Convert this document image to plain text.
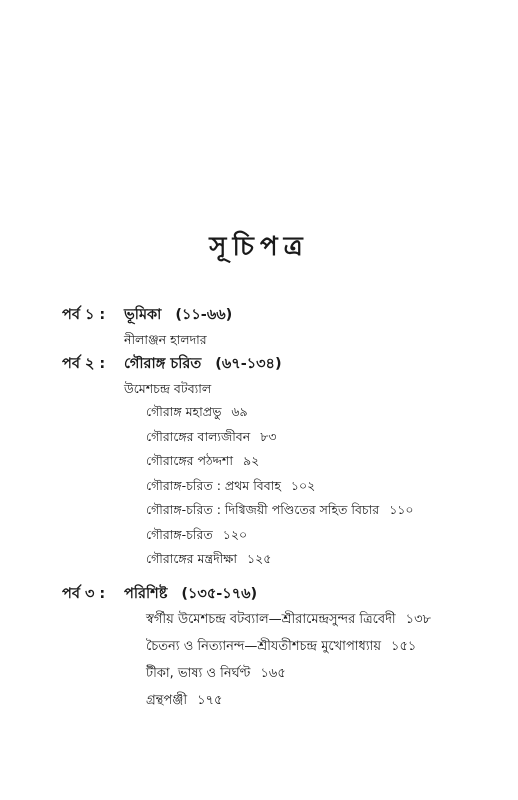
সূচিপত্র
পর্ব ১ : ভূমিকা (১১-৬৬)
নীলাঞ্জন হালদার
পর্ব ২ : গৌরাঙ্গ চরিত (৬৭-১৩৪)
উমেশচন্দ্র বটব্যাল
গৌরাঙ্গ মহাপ্রভু ৬৯
গৌরাঙ্গের বাল্যজীবন ৮৩
গৌরাঙ্গের পঠদ্দশা ৯২
গৌরাঙ্গ-চরিত : প্রথম বিবাহ ১০২
গৌরাঙ্গ-চরিত : দিগ্বিজয়ী পণ্ডিতের সহিত বিচার ১১০
গৌরাঙ্গ-চরিত ১২০
গৌরাঙ্গের মন্ত্রদীক্ষা ১২৫
পর্ব ৩ : পরিশিষ্ট (১৩৫-১৭৬)
স্বর্গীয় উমেশচন্দ্র বটব্যাল—শ্রীরামেন্দ্রসুন্দর ত্রিবেদী ১৩৮
চৈতন্য ও নিত্যানন্দ—শ্রীযতীশচন্দ্র মুখোপাধ্যায় ১৫১
টীকা, ভাষ্য ও নির্ঘণ্ট ১৬৫
গ্রন্থপঞ্জী ১৭৫
